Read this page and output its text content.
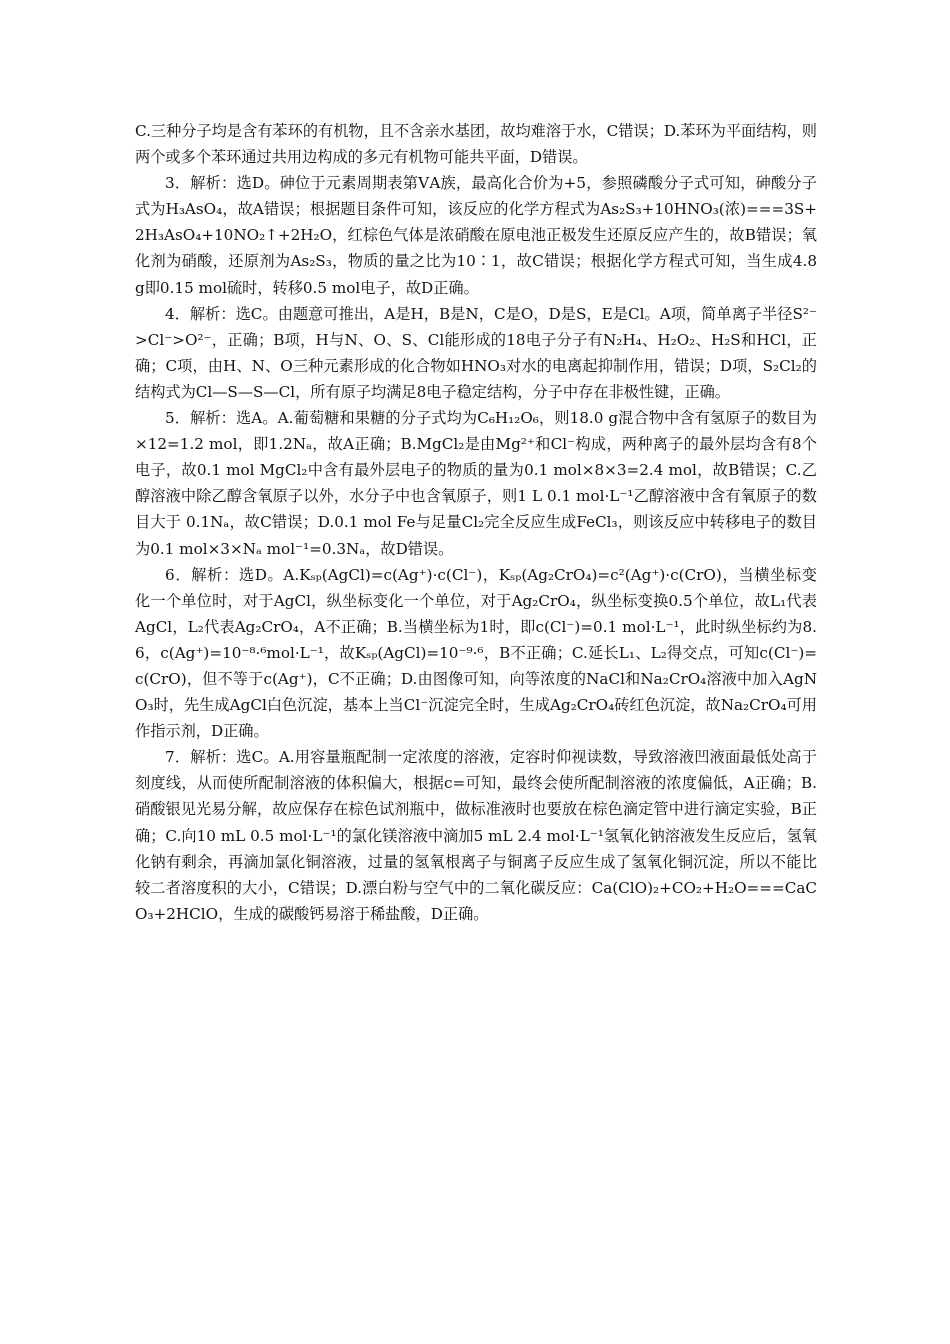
C.三种分子均是含有苯环的有机物，且不含亲水基团，故均难溶于水，C错误；D.苯环为平面结构，则两个或多个苯环通过共用边构成的多元有机物可能共平面，D错误。

3．解析：选D。砷位于元素周期表第ⅤA族，最高化合价为+5，参照磷酸分子式可知，砷酸分子式为H₃AsO₄，故A错误；根据题目条件可知，该反应的化学方程式为As₂S₃+10HNO₃(浓)===3S+2H₃AsO₄+10NO₂↑+2H₂O，红棕色气体是浓硝酸在原电池正极发生还原反应产生的，故B错误；氧化剂为硝酸，还原剂为As₂S₃，物质的量之比为10∶1，故C错误；根据化学方程式可知，当生成4.8 g即0.15 mol硫时，转移0.5 mol电子，故D正确。

4．解析：选C。由题意可推出，A是H，B是N，C是O，D是S，E是Cl。A项，简单离子半径S²⁻>Cl⁻>O²⁻，正确；B项，H与N、O、S、Cl能形成的18电子分子有N₂H₄、H₂O₂、H₂S和HCl，正确；C项，由H、N、O三种元素形成的化合物如HNO₃对水的电离起抑制作用，错误；D项，S₂Cl₂的结构式为Cl—S—S—Cl，所有原子均满足8电子稳定结构，分子中存在非极性键，正确。

5．解析：选A。A.葡萄糖和果糖的分子式均为C₆H₁₂O₆，则18.0 g混合物中含有氢原子的数目为×12=1.2 mol，即1.2Nₐ，故A正确；B.MgCl₂是由Mg²⁺和Cl⁻构成，两种离子的最外层均含有8个电子，故0.1 mol MgCl₂中含有最外层电子的物质的量为0.1 mol×8×3=2.4 mol，故B错误；C.乙醇溶液中除乙醇含氧原子以外，水分子中也含氧原子，则1 L 0.1 mol·L⁻¹乙醇溶液中含有氧原子的数目大于 0.1Nₐ，故C错误；D.0.1 mol Fe与足量Cl₂完全反应生成FeCl₃，则该反应中转移电子的数目为0.1 mol×3×Nₐ mol⁻¹=0.3Nₐ，故D错误。

6．解析：选D。A.Kₛₚ(AgCl)=c(Ag⁺)·c(Cl⁻)，Kₛₚ(Ag₂CrO₄)=c²(Ag⁺)·c(CrO)，当横坐标变化一个单位时，对于AgCl，纵坐标变化一个单位，对于Ag₂CrO₄，纵坐标变换0.5个单位，故L₁代表AgCl，L₂代表Ag₂CrO₄，A不正确；B.当横坐标为1时，即c(Cl⁻)=0.1 mol·L⁻¹，此时纵坐标约为8.6，c(Ag⁺)=10⁻⁸·⁶mol·L⁻¹，故Kₛₚ(AgCl)=10⁻⁹·⁶，B不正确；C.延长L₁、L₂得交点，可知c(Cl⁻)=c(CrO)，但不等于c(Ag⁺)，C不正确；D.由图像可知，向等浓度的NaCl和Na₂CrO₄溶液中加入AgNO₃时，先生成AgCl白色沉淀，基本上当Cl⁻沉淀完全时，生成Ag₂CrO₄砖红色沉淀，故Na₂CrO₄可用作指示剂，D正确。

7．解析：选C。A.用容量瓶配制一定浓度的溶液，定容时仰视读数，导致溶液凹液面最低处高于刻度线，从而使所配制溶液的体积偏大，根据c=可知，最终会使所配制溶液的浓度偏低，A正确；B.硝酸银见光易分解，故应保存在棕色试剂瓶中，做标准液时也要放在棕色滴定管中进行滴定实验，B正确；C.向10 mL 0.5 mol·L⁻¹的氯化镁溶液中滴加5 mL 2.4 mol·L⁻¹氢氧化钠溶液发生反应后，氢氧化钠有剩余，再滴加氯化铜溶液，过量的氢氧根离子与铜离子反应生成了氢氧化铜沉淀，所以不能比较二者溶度积的大小，C错误；D.漂白粉与空气中的二氧化碳反应：Ca(ClO)₂+CO₂+H₂O===CaCO₃+2HClO，生成的碳酸钙易溶于稀盐酸，D正确。
